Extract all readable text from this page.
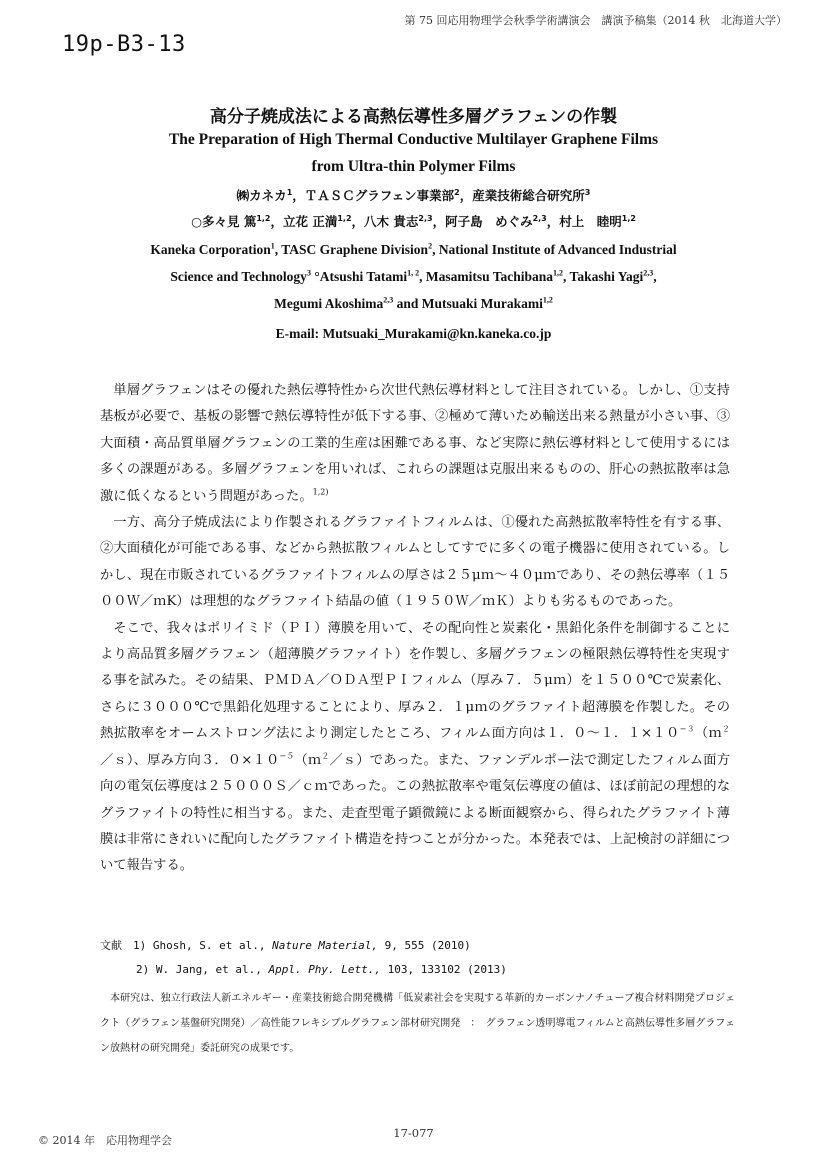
第 75 回応用物理学会秋季学術講演会　講演予稿集（2014 秋　北海道大学）
19p-B3-13
高分子焼成法による高熱伝導性多層グラフェンの作製
The Preparation of High Thermal Conductive Multilayer Graphene Films
from Ultra-thin Polymer Films
㈱カネカ$^1$，ＴＡＳＣグラフェン事業部$^2$，産業技術総合研究所$^3$
○多々見 篤$^{1,2}$，立花 正満$^{1,2}$，八木 貴志$^{2,3}$，阿子島　めぐみ$^{2,3}$，村上　睦明$^{1,2}$
Kaneka Corporation$^1$, TASC Graphene Division$^2$, National Institute of Advanced Industrial
Science and Technology$^3$ °Atsushi Tatami$^{1, 2}$, Masamitsu Tachibana$^{1,2}$, Takashi Yagi$^{2,3}$,
Megumi Akoshima$^{2,3}$ and Mutsuaki Murakami$^{1,2}$
E-mail: Mutsuaki_Murakami@kn.kaneka.co.jp

単層グラフェンはその優れた熱伝導特性から次世代熱伝導材料として注目されている。しかし、①支持基板が必要で、基板の影響で熱伝導特性が低下する事、②極めて薄いため輸送出来る熱量が小さい事、③大面積・高品質単層グラフェンの工業的生産は困難である事、など実際に熱伝導材料として使用するには多くの課題がある。多層グラフェンを用いれば、これらの課題は克服出来るものの、肝心の熱拡散率は急激に低くなるという問題があった。$^{1,2)}$

一方、高分子焼成法により作製されるグラファイトフィルムは、①優れた高熱拡散率特性を有する事、②大面積化が可能である事、などから熱拡散フィルムとしてすでに多くの電子機器に使用されている。しかし、現在市販されているグラファイトフィルムの厚さは２５μｍ～４０μｍであり、その熱伝導率（１５００Ｗ／ｍK）は理想的なグラファイト結晶の値（１９５０Ｗ／ｍＫ）よりも劣るものであった。

そこで、我々はポリイミド（ＰＩ）薄膜を用いて、その配向性と炭素化・黒鉛化条件を制御することにより高品質多層グラフェン（超薄膜グラファイト）を作製し、多層グラフェンの極限熱伝導特性を実現する事を試みた。その結果、ＰＭＤＡ／ＯＤＡ型ＰＩフィルム（厚み７．５μｍ）を１５００℃で炭素化、さらに３０００℃で黒鉛化処理することにより、厚み２．１μｍのグラファイト超薄膜を作製した。その熱拡散率をオームストロング法により測定したところ、フィルム面方向は１．０～１．$1\times 10^{-3}(m^2/s)$、厚み方向３．$0\times 10^{-5}(m^2/s)$であった。また、ファンデルポー法で測定したフィルム面方向の電気伝導度は２５０００Ｓ／ｃｍであった。この熱拡散率や電気伝導度の値は、ほぼ前記の理想的なグラファイトの特性に相当する。また、走査型電子顕微鏡による断面観察から、得られたグラファイト薄膜は非常にきれいに配向したグラファイト構造を持つことが分かった。本発表では、上記検討の詳細について報告する。

文献　 1) Ghosh, S. et al., Nature Material, 9, 555 (2010)
2) W. Jang, et al., Appl. Phy. Lett., 103, 133102 (2013)

本研究は、独立行政法人新エネルギー・産業技術総合開発機構「低炭素社会を実現する革新的カーボンナノチューブ複合材料開発プロジェクト（グラフェン基盤研究開発）／高性能フレキシブルグラフェン部材研究開発　：　グラフェン透明導電フィルムと高熱伝導性多層グラフェン放熱材の研究開発」委託研究の成果です。

© 2014 年　応用物理学会
17-077
